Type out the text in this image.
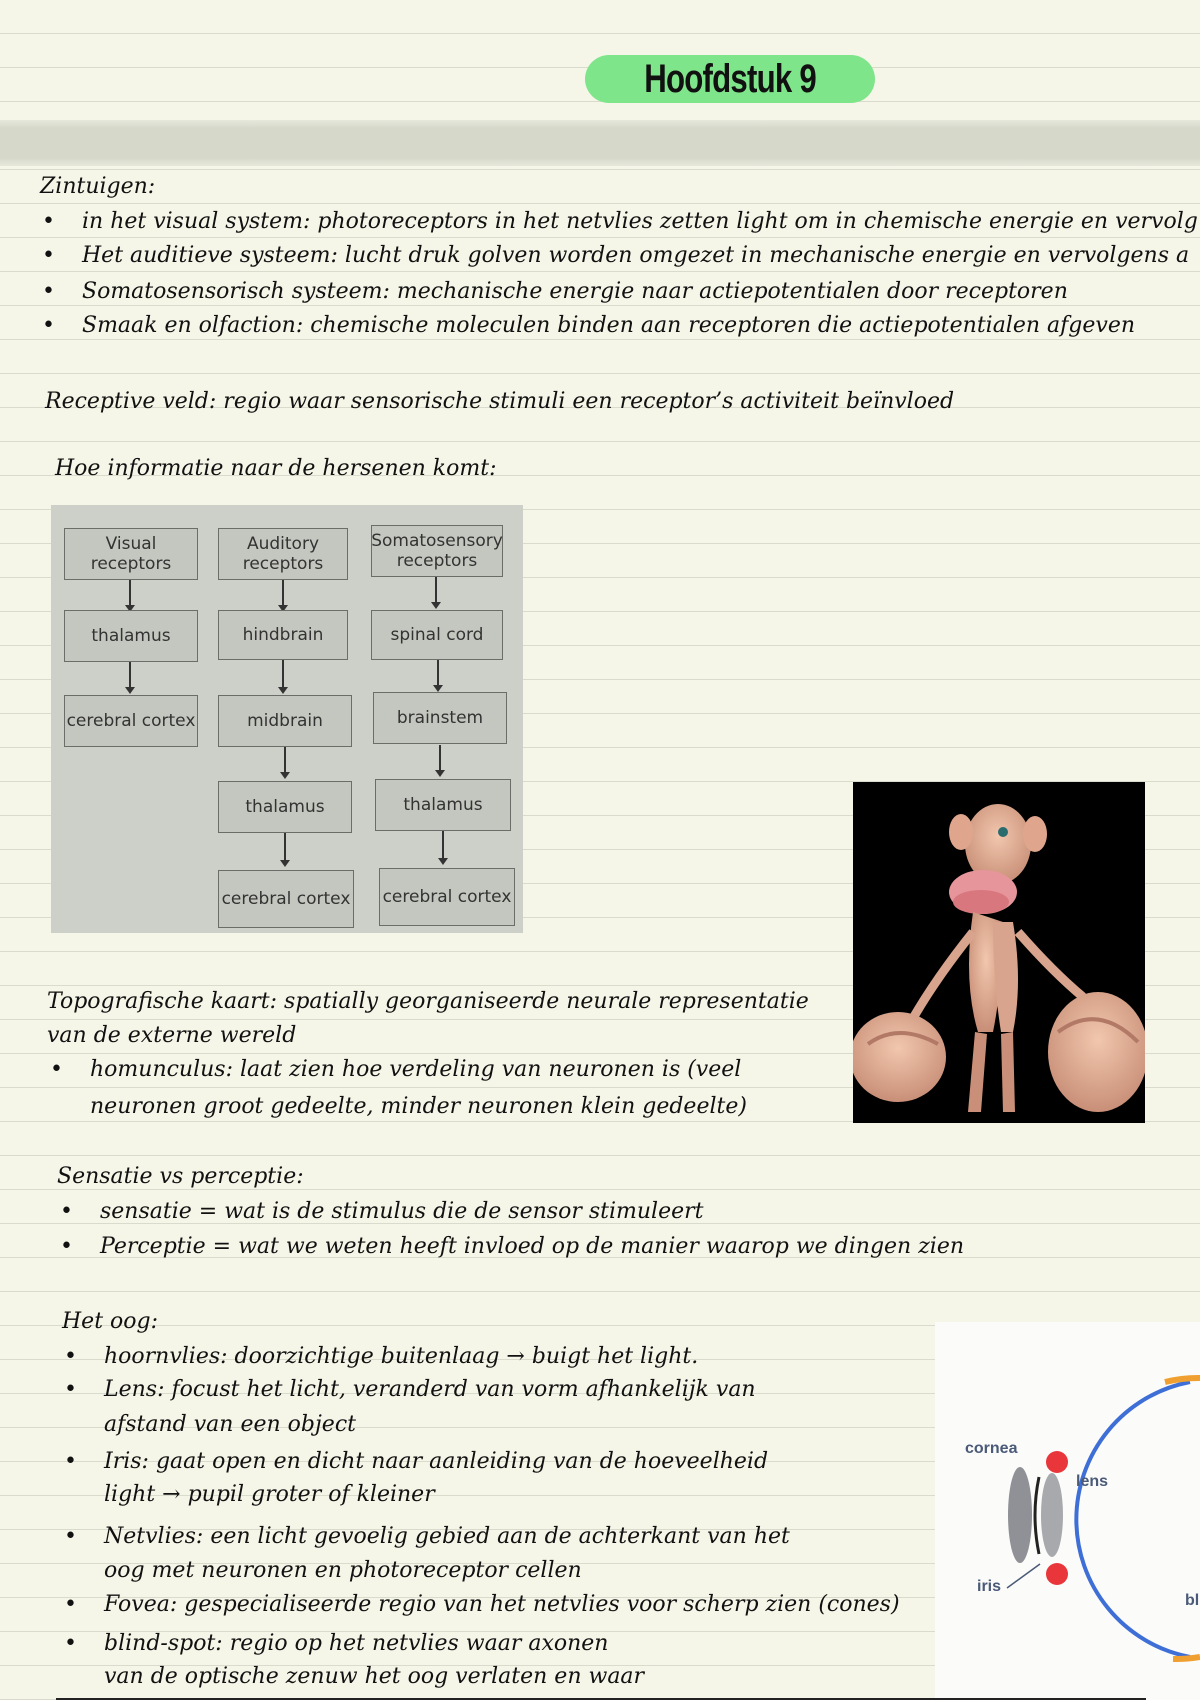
Hoofdstuk 9
Zintuigen:
• in het visual system: photoreceptors in het netvlies zetten light om in chemische energie en vervolg
• Het auditieve systeem: lucht druk golven worden omgezet in mechanische energie en vervolgens a
• Somatosensorisch systeem: mechanische energie naar actiepotentialen door receptoren
• Smaak en olfaction: chemische moleculen binden aan receptoren die actiepotentialen afgeven
Receptive veld: regio waar sensorische stimuli een receptor’s activiteit beïnvloed
Hoe informatie naar de hersenen komt:
Visual receptors
thalamus
cerebral cortex
Auditory receptors
hindbrain
midbrain
thalamus
cerebral cortex
Somatosensory receptors
spinal cord
brainstem
thalamus
cerebral cortex
Topografische kaart: spatially georganiseerde neurale representatie
van de externe wereld
• homunculus: laat zien hoe verdeling van neuronen is (veel
neuronen groot gedeelte, minder neuronen klein gedeelte)
Sensatie vs perceptie:
• sensatie = wat is de stimulus die de sensor stimuleert
• Perceptie = wat we weten heeft invloed op de manier waarop we dingen zien
Het oog:
• hoornvlies: doorzichtige buitenlaag → buigt het light.
• Lens: focust het licht, veranderd van vorm afhankelijk van
afstand van een object
• Iris: gaat open en dicht naar aanleiding van de hoeveelheid
light → pupil groter of kleiner
• Netvlies: een licht gevoelig gebied aan de achterkant van het
oog met neuronen en photoreceptor cellen
• Fovea: gespecialiseerde regio van het netvlies voor scherp zien (cones)
• blind-spot: regio op het netvlies waar axonen
van de optische zenuw het oog verlaten en waar
cornea
lens
iris
bl
